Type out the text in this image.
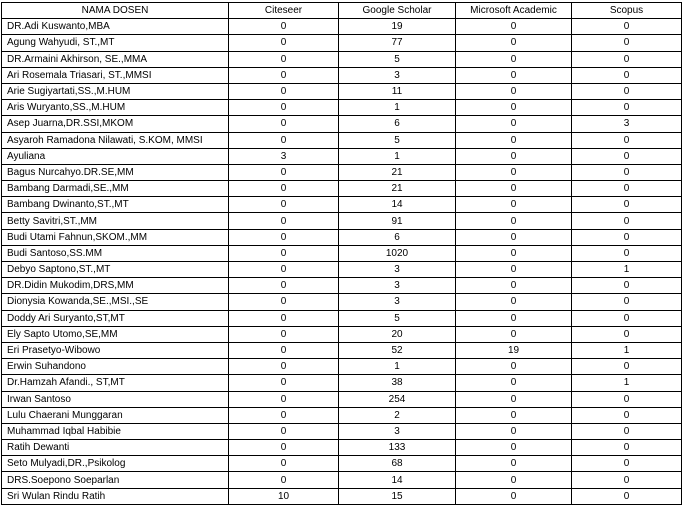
NAMA DOSEN	Citeseer	Google Scholar	Microsoft Academic	Scopus
DR.Adi Kuswanto,MBA	0	19	0	0
Agung Wahyudi, ST.,MT	0	77	0	0
DR.Armaini Akhirson, SE.,MMA	0	5	0	0
Ari Rosemala Triasari, ST.,MMSI	0	3	0	0
Arie Sugiyartati,SS.,M.HUM	0	11	0	0
Aris Wuryanto,SS.,M.HUM	0	1	0	0
Asep Juarna,DR.SSI,MKOM	0	6	0	3
Asyaroh Ramadona Nilawati, S.KOM, MMSI	0	5	0	0
Ayuliana	3	1	0	0
Bagus Nurcahyo.DR.SE,MM	0	21	0	0
Bambang Darmadi,SE.,MM	0	21	0	0
Bambang Dwinanto,ST.,MT	0	14	0	0
Betty Savitri,ST.,MM	0	91	0	0
Budi Utami Fahnun,SKOM.,MM	0	6	0	0
Budi Santoso,SS.MM	0	1020	0	0
Debyo Saptono,ST.,MT	0	3	0	1
DR.Didin Mukodim,DRS,MM	0	3	0	0
Dionysia Kowanda,SE.,MSI.,SE	0	3	0	0
Doddy Ari Suryanto,ST,MT	0	5	0	0
Ely Sapto Utomo,SE,MM	0	20	0	0
Eri Prasetyo-Wibowo	0	52	19	1
Erwin Suhandono	0	1	0	0
Dr.Hamzah Afandi., ST,MT	0	38	0	1
Irwan Santoso	0	254	0	0
Lulu Chaerani Munggaran	0	2	0	0
Muhammad Iqbal Habibie	0	3	0	0
Ratih Dewanti	0	133	0	0
Seto Mulyadi,DR.,Psikolog	0	68	0	0
DRS.Soepono Soeparlan	0	14	0	0
Sri Wulan Rindu Ratih	10	15	0	0
